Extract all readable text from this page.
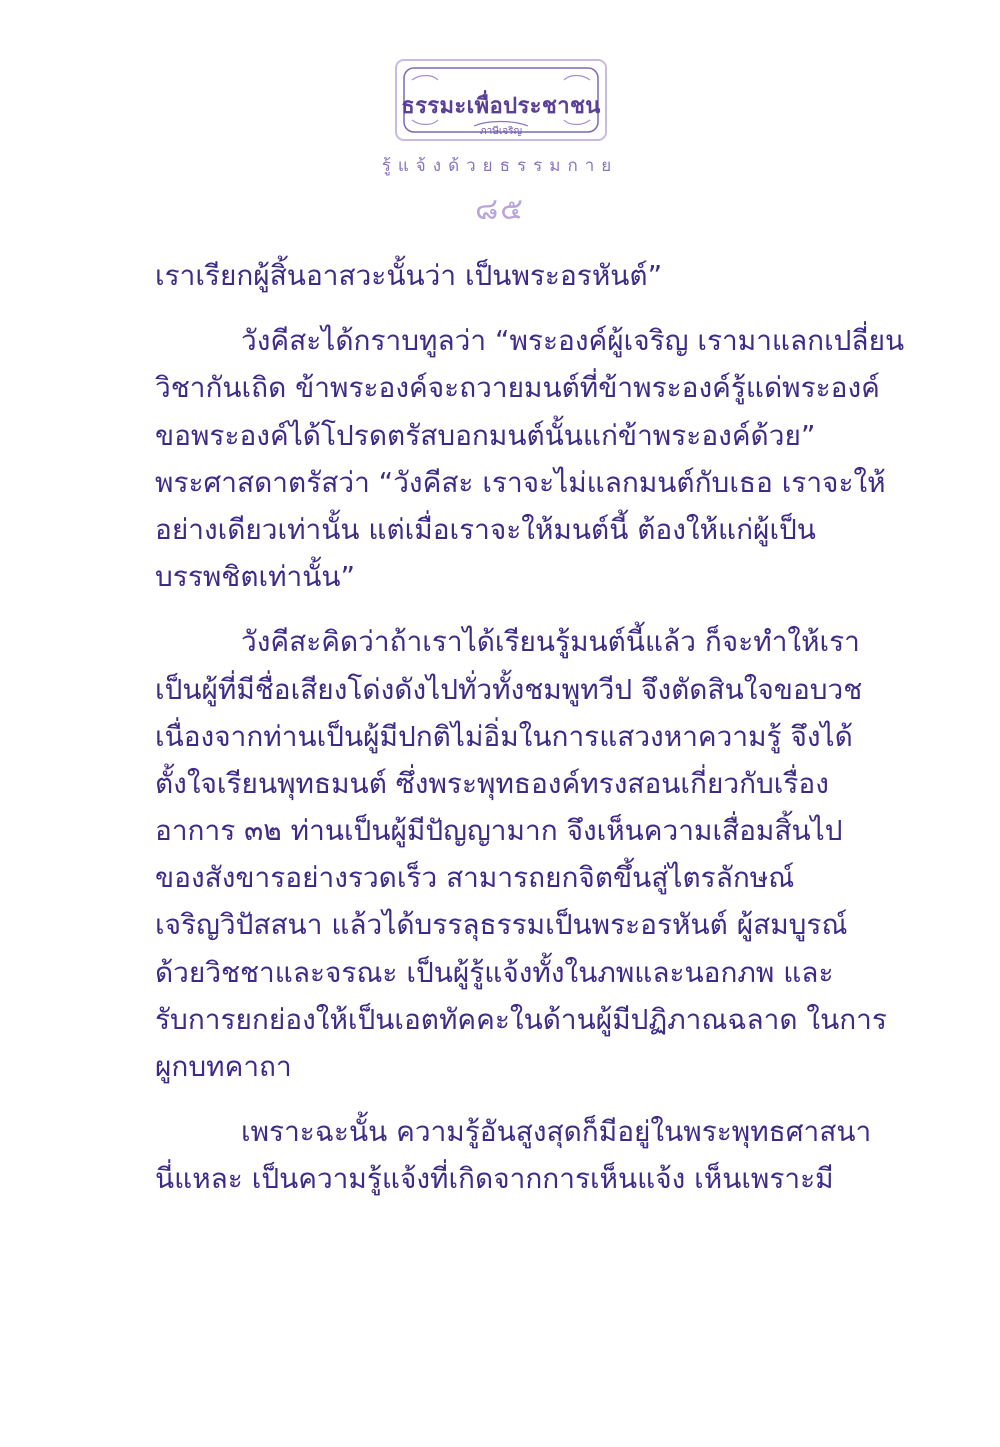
ธรรมะเพื่อประชาชน
ภาษีเจริญ
รู้แจ้งด้วยธรรมกาย
๘๕
เราเรียกผู้สิ้นอาสวะนั้นว่า เป็นพระอรหันต์”
วังคีสะได้กราบทูลว่า “พระองค์ผู้เจริญ เรามาแลกเปลี่ยน
วิชากันเถิด ข้าพระองค์จะถวายมนต์ที่ข้าพระองค์รู้แด่พระองค์
ขอพระองค์ได้โปรดตรัสบอกมนต์นั้นแก่ข้าพระองค์ด้วย”
พระศาสดาตรัสว่า “วังคีสะ เราจะไม่แลกมนต์กับเธอ เราจะให้
อย่างเดียวเท่านั้น แต่เมื่อเราจะให้มนต์นี้ ต้องให้แก่ผู้เป็น
บรรพชิตเท่านั้น”
วังคีสะคิดว่าถ้าเราได้เรียนรู้มนต์นี้แล้ว ก็จะทำให้เรา
เป็นผู้ที่มีชื่อเสียงโด่งดังไปทั่วทั้งชมพูทวีป จึงตัดสินใจขอบวช
เนื่องจากท่านเป็นผู้มีปกติไม่อิ่มในการแสวงหาความรู้ จึงได้
ตั้งใจเรียนพุทธมนต์ ซึ่งพระพุทธองค์ทรงสอนเกี่ยวกับเรื่อง
อาการ ๓๒ ท่านเป็นผู้มีปัญญามาก จึงเห็นความเสื่อมสิ้นไป
ของสังขารอย่างรวดเร็ว สามารถยกจิตขึ้นสู่ไตรลักษณ์
เจริญวิปัสสนา แล้วได้บรรลุธรรมเป็นพระอรหันต์ ผู้สมบูรณ์
ด้วยวิชชาและจรณะ เป็นผู้รู้แจ้งทั้งในภพและนอกภพ และ
รับการยกย่องให้เป็นเอตทัคคะในด้านผู้มีปฏิภาณฉลาด ในการ
ผูกบทคาถา
เพราะฉะนั้น ความรู้อันสูงสุดก็มีอยู่ในพระพุทธศาสนา
นี่แหละ เป็นความรู้แจ้งที่เกิดจากการเห็นแจ้ง เห็นเพราะมี
